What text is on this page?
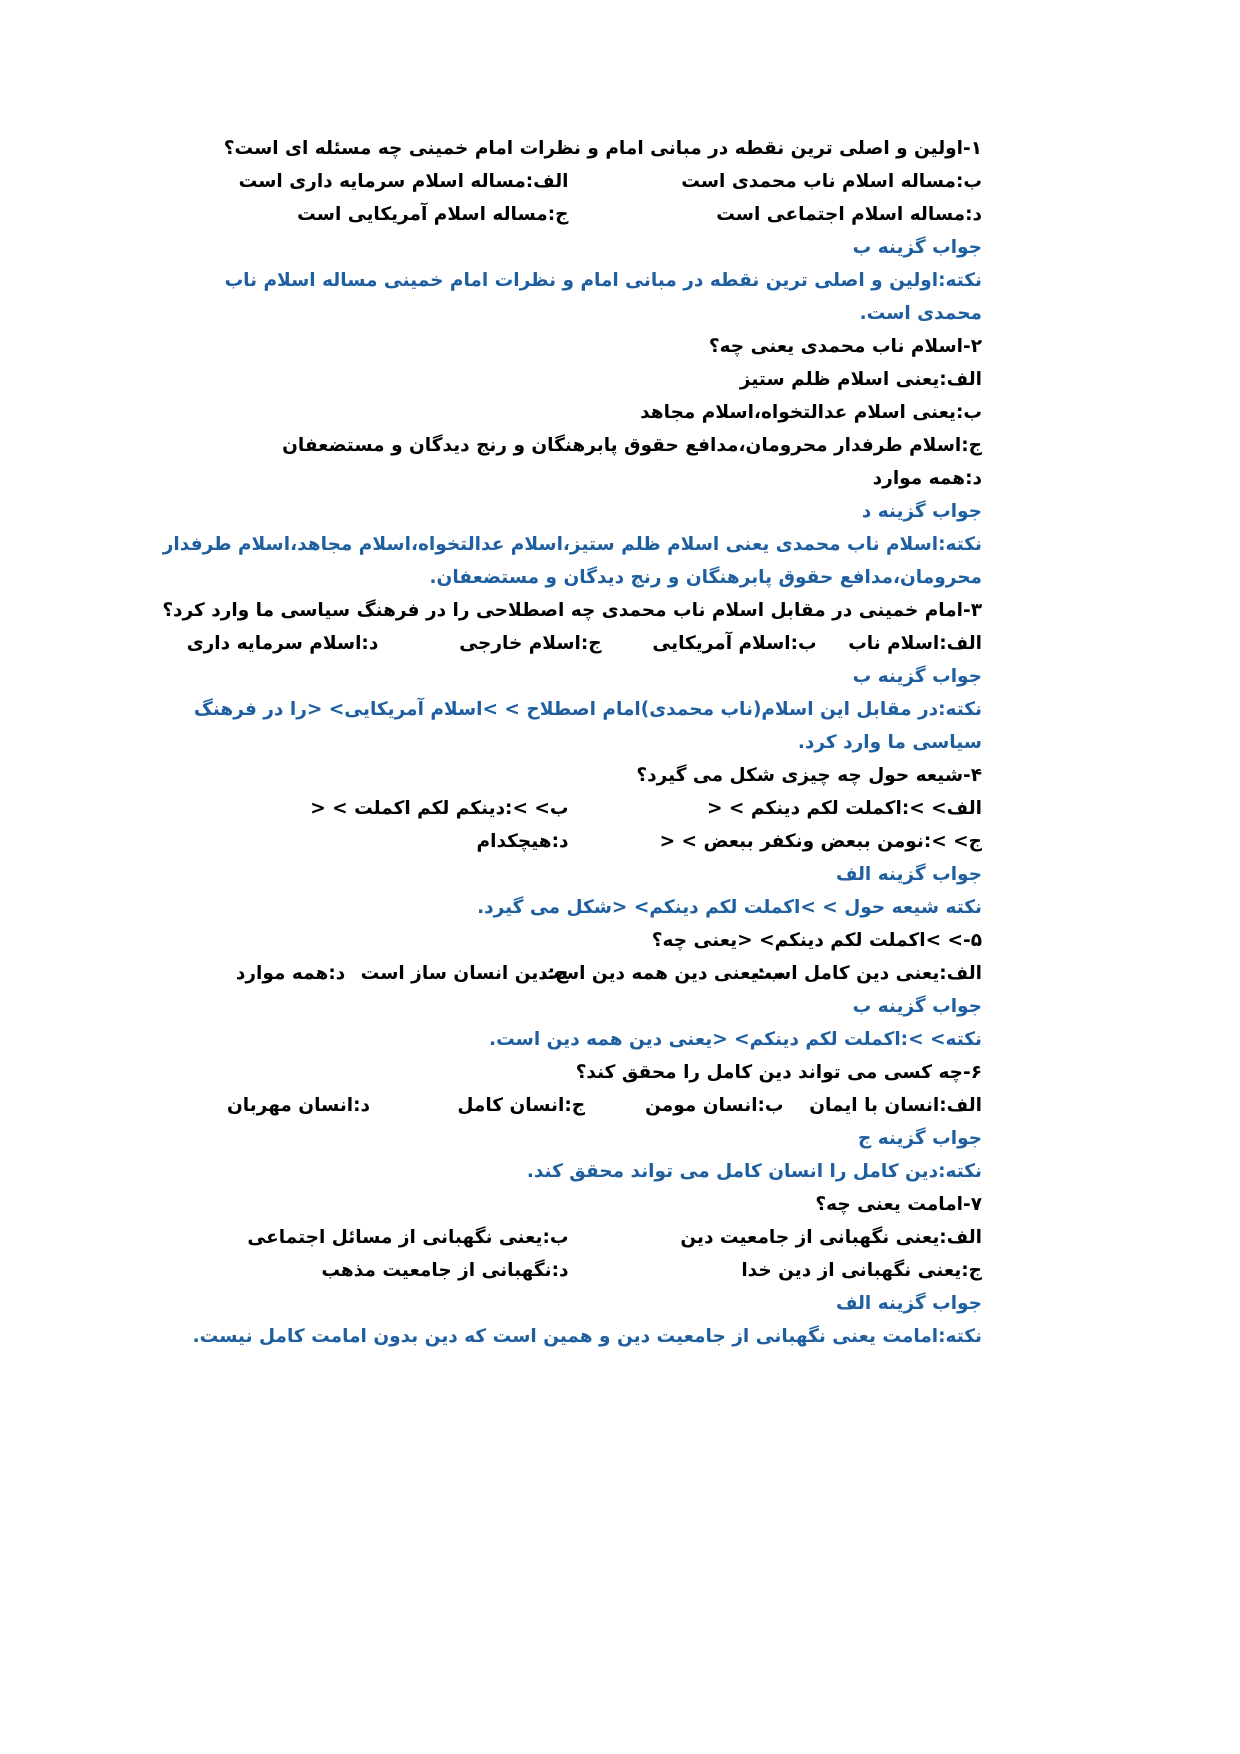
۱-اولین و اصلی ترین نقطه در مبانی امام و نظرات امام خمینی چه مسئله ای است؟
ب:مساله اسلام ناب محمدی است
الف:مساله اسلام سرمایه داری است
د:مساله اسلام اجتماعی است
ج:مساله اسلام آمریکایی است
جواب گزینه ب
نکته:اولین و اصلی ترین نقطه در مبانی امام و نظرات امام خمینی مساله اسلام ناب محمدی است.
۲-اسلام ناب محمدی یعنی چه؟
الف:یعنی اسلام ظلم ستیز
ب:یعنی اسلام عدالتخواه،اسلام مجاهد
ج:اسلام طرفدار محرومان،مدافع حقوق پابرهنگان و رنج دیدگان و مستضعفان
د:همه موارد
جواب گزینه د
نکته:اسلام ناب محمدی یعنی اسلام ظلم ستیز،اسلام عدالتخواه،اسلام مجاهد،اسلام طرفدار محرومان،مدافع حقوق پابرهنگان و رنج دیدگان و مستضعفان.
۳-امام خمینی در مقابل اسلام ناب محمدی چه اصطلاحی را در فرهنگ سیاسی ما وارد کرد؟
الف:اسلام ناب
ب:اسلام آمریکایی
ج:اسلام خارجی
د:اسلام سرمایه داری
جواب گزینه ب
نکته:در مقابل این اسلام(ناب محمدی)امام اصطلاح > >اسلام آمریکایی> <را در فرهنگ سیاسی ما وارد کرد.
۴-شیعه حول چه چیزی شکل می گیرد؟
الف> >:اکملت لکم دینکم > <
ب> >:دینکم لکم اکملت > <
ج> >:نومن ببعض ونکفر ببعض > <
د:هیچکدام
جواب گزینه الف
نکته شیعه حول > >اکملت لکم دینکم> <شکل می گیرد.
۵-> >اکملت لکم دینکم> <یعنی چه؟
الف:یعنی دین کامل است
ب:یعنی دین همه دین است
ج:دین انسان ساز است
د:همه موارد
جواب گزینه ب
نکته> >:اکملت لکم دینکم> <یعنی دین همه دین است.
۶-چه کسی می تواند دین کامل را محقق کند؟
الف:انسان با ایمان
ب:انسان مومن
ج:انسان کامل
د:انسان مهربان
جواب گزینه ج
نکته:دین کامل را انسان کامل می تواند محقق کند.
۷-امامت یعنی چه؟
الف:یعنی نگهبانی از جامعیت دین
ب:یعنی نگهبانی از مسائل اجتماعی
ج:یعنی نگهبانی از دین خدا
د:نگهبانی از جامعیت مذهب
جواب گزینه الف
نکته:امامت یعنی نگهبانی از جامعیت دین و همین است که دین بدون امامت کامل نیست.
